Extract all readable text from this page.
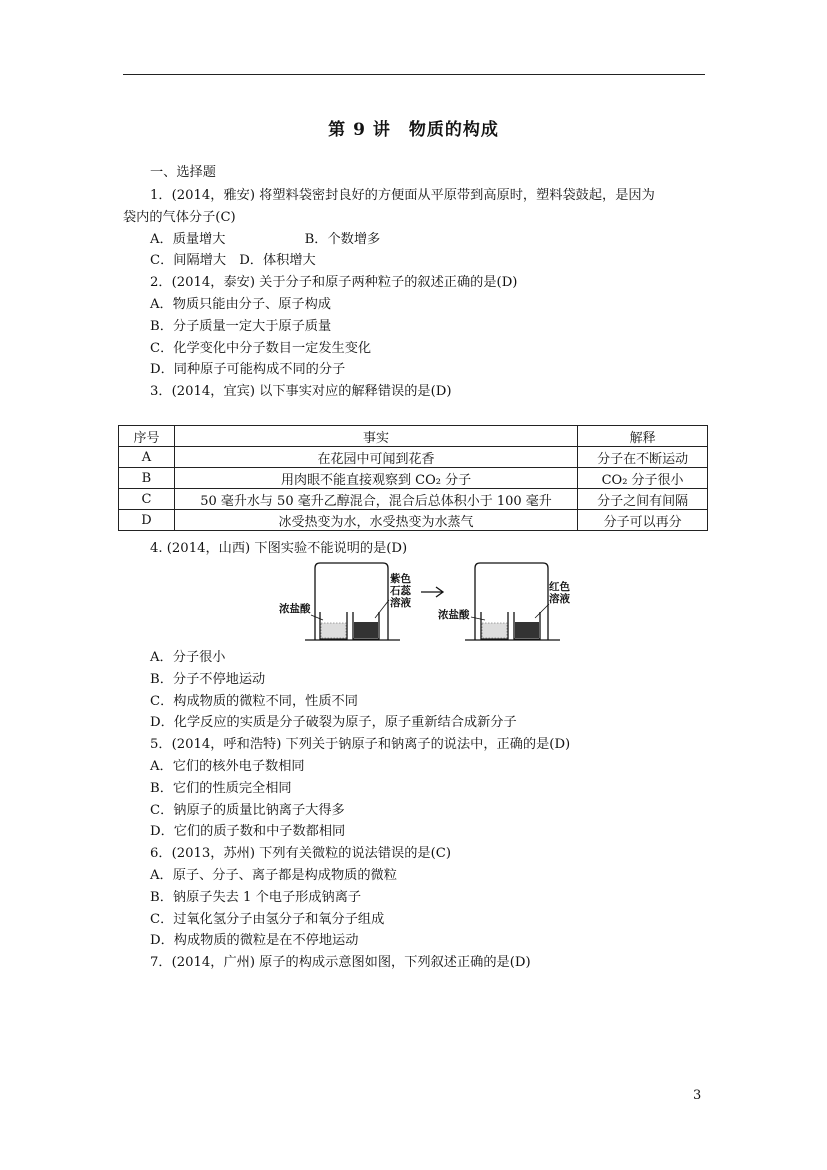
第 9 讲　物质的构成
一、选择题
1．(2014，雅安) 将塑料袋密封良好的方便面从平原带到高原时，塑料袋鼓起，是因为
袋内的气体分子(C)
A．质量增大　　　　　　B．个数增多
C．间隔增大　D．体积增大
2．(2014，泰安) 关于分子和原子两种粒子的叙述正确的是(D)
A．物质只能由分子、原子构成
B．分子质量一定大于原子质量
C．化学变化中分子数目一定发生变化
D．同种原子可能构成不同的分子
3．(2014，宜宾) 以下事实对应的解释错误的是(D)
序号	事实	解释
A	在花园中可闻到花香	分子在不断运动
B	用肉眼不能直接观察到 CO₂ 分子	CO₂ 分子很小
C	50 毫升水与 50 毫升乙醇混合，混合后总体积小于 100 毫升	分子之间有间隔
D	冰受热变为水，水受热变为水蒸气	分子可以再分
4. (2014，山西) 下图实验不能说明的是(D)
浓盐酸
紫色石蕊溶液
浓盐酸
红色溶液
A．分子很小
B．分子不停地运动
C．构成物质的微粒不同，性质不同
D．化学反应的实质是分子破裂为原子，原子重新结合成新分子
5．(2014，呼和浩特) 下列关于钠原子和钠离子的说法中，正确的是(D)
A．它们的核外电子数相同
B．它们的性质完全相同
C．钠原子的质量比钠离子大得多
D．它们的质子数和中子数都相同
6．(2013，苏州) 下列有关微粒的说法错误的是(C)
A．原子、分子、离子都是构成物质的微粒
B．钠原子失去 1 个电子形成钠离子
C．过氧化氢分子由氢分子和氧分子组成
D．构成物质的微粒是在不停地运动
7．(2014，广州) 原子的构成示意图如图，下列叙述正确的是(D)
3
